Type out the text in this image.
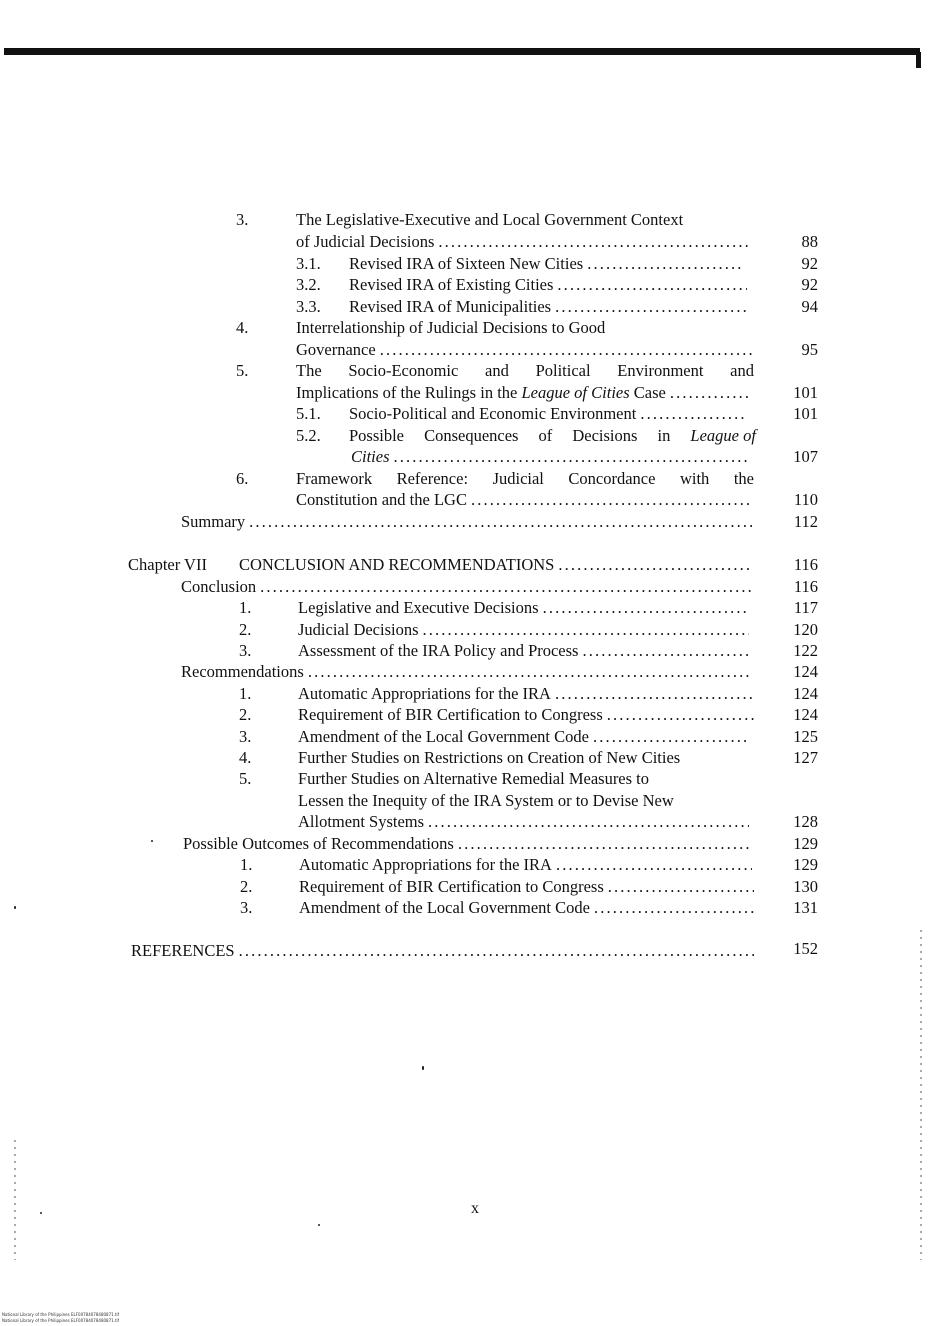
3.	The Legislative-Executive and Local Government Context
of Judicial Decisions . . .	88
3.1. Revised IRA of Sixteen New Cities . . .	92
3.2. Revised IRA of Existing Cities . . .	92
3.3. Revised IRA of Municipalities . . .	94
4.	Interrelationship of Judicial Decisions to Good
Governance . . .	95
5.	The Socio-Economic and Political Environment and
Implications of the Rulings in the League of Cities Case . . .	101
5.1. Socio-Political and Economic Environment . . .	101
5.2. Possible Consequences of Decisions in League of
Cities . . .	107
6.	Framework Reference: Judicial Concordance with the
Constitution and the LGC . . .	110
Summary . . .	112
Chapter VII CONCLUSION AND RECOMMENDATIONS . . .	116
Conclusion . . .	116
1.	Legislative and Executive Decisions . . .	117
2.	Judicial Decisions . . .	120
3.	Assessment of the IRA Policy and Process . . .	122
Recommendations . . .	124
1.	Automatic Appropriations for the IRA . . .	124
2.	Requirement of BIR Certification to Congress . . .	124
3.	Amendment of the Local Government Code . . .	125
4.	Further Studies on Restrictions on Creation of New Cities	127
5.	Further Studies on Alternative Remedial Measures to
Lessen the Inequity of the IRA System or to Devise New
Allotment Systems . . .	128
Possible Outcomes of Recommendations . . .	129
1.	Automatic Appropriations for the IRA . . .	129
2.	Requirement of BIR Certification to Congress . . .	130
3.	Amendment of the Local Government Code . . .	131
REFERENCES . . .	152
x
National Library of the Philippines ELF00784078480871.tif
National Library of the Philippines ELF00784078480871.tif
